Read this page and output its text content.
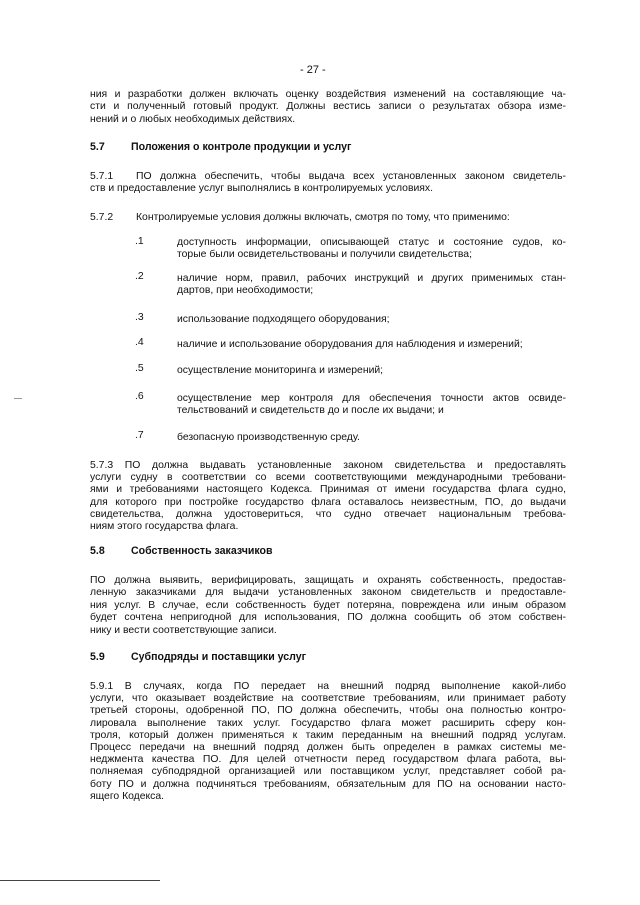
- 27 -
ния и разработки должен включать оценку воздействия изменений на составляющие ча-
сти и полученный готовый продукт. Должны вестись записи о результатах обзора изме-
нений и о любых необходимых действиях.
5.7 Положения о контроле продукции и услуг
5.7.1	ПО должна обеспечить, чтобы выдача всех установленных законом свидетель-
ств и предоставление услуг выполнялись в контролируемых условиях.
5.7.2 Контролируемые условия должны включать, смотря по тому, что применимо:
.1	доступность информации, описывающей статус и состояние судов, ко-
торые были освидетельствованы и получили свидетельства;
.2	наличие норм, правил, рабочих инструкций и других применимых стан-
дартов, при необходимости;
.3	использование подходящего оборудования;
.4	наличие и использование оборудования для наблюдения и измерений;
.5	осуществление мониторинга и измерений;
.6	осуществление мер контроля для обеспечения точности актов освиде-
тельствований и свидетельств до и после их выдачи; и
.7	безопасную производственную среду.
5.7.3 ПО должна выдавать установленные законом свидетельства и предоставлять
услуги судну в соответствии со всеми соответствующими международными требовани-
ями и требованиями настоящего Кодекса. Принимая от имени государства флага судно,
для которого при постройке государство флага оставалось неизвестным, ПО, до выдачи
свидетельства, должна удостовериться, что судно отвечает национальным требова-
ниям этого государства флага.
5.8 Собственность заказчиков
ПО должна выявить, верифицировать, защищать и охранять собственность, предостав-
ленную заказчиками для выдачи установленных законом свидетельств и предоставле-
ния услуг. В случае, если собственность будет потеряна, повреждена или иным образом
будет сочтена непригодной для использования, ПО должна сообщить об этом собствен-
нику и вести соответствующие записи.
5.9 Субподряды и поставщики услуг
5.9.1 В случаях, когда ПО передает на внешний подряд выполнение какой-либо
услуги, что оказывает воздействие на соответствие требованиям, или принимает работу
третьей стороны, одобренной ПО, ПО должна обеспечить, чтобы она полностью контро-
лировала выполнение таких услуг. Государство флага может расширить сферу кон-
троля, который должен применяться к таким переданным на внешний подряд услугам.
Процесс передачи на внешний подряд должен быть определен в рамках системы ме-
неджмента качества ПО. Для целей отчетности перед государством флага работа, вы-
полняемая субподрядной организацией или поставщиком услуг, представляет собой ра-
боту ПО и должна подчиняться требованиям, обязательным для ПО на основании насто-
ящего Кодекса.
